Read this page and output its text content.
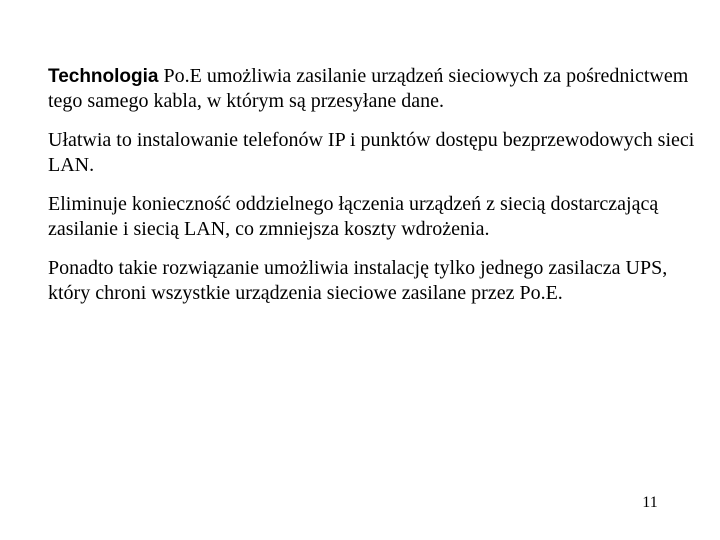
Technologia Po.E umożliwia zasilanie urządzeń sieciowych za pośrednictwem tego samego kabla, w którym są przesyłane dane.

Ułatwia to instalowanie telefonów IP i punktów dostępu bezprzewodowych sieci LAN.

Eliminuje konieczność oddzielnego łączenia urządzeń z siecią dostarczającą zasilanie i siecią LAN, co zmniejsza koszty wdrożenia.

Ponadto takie rozwiązanie umożliwia instalację tylko jednego zasilacza UPS, który chroni wszystkie urządzenia sieciowe zasilane przez Po.E.

11
